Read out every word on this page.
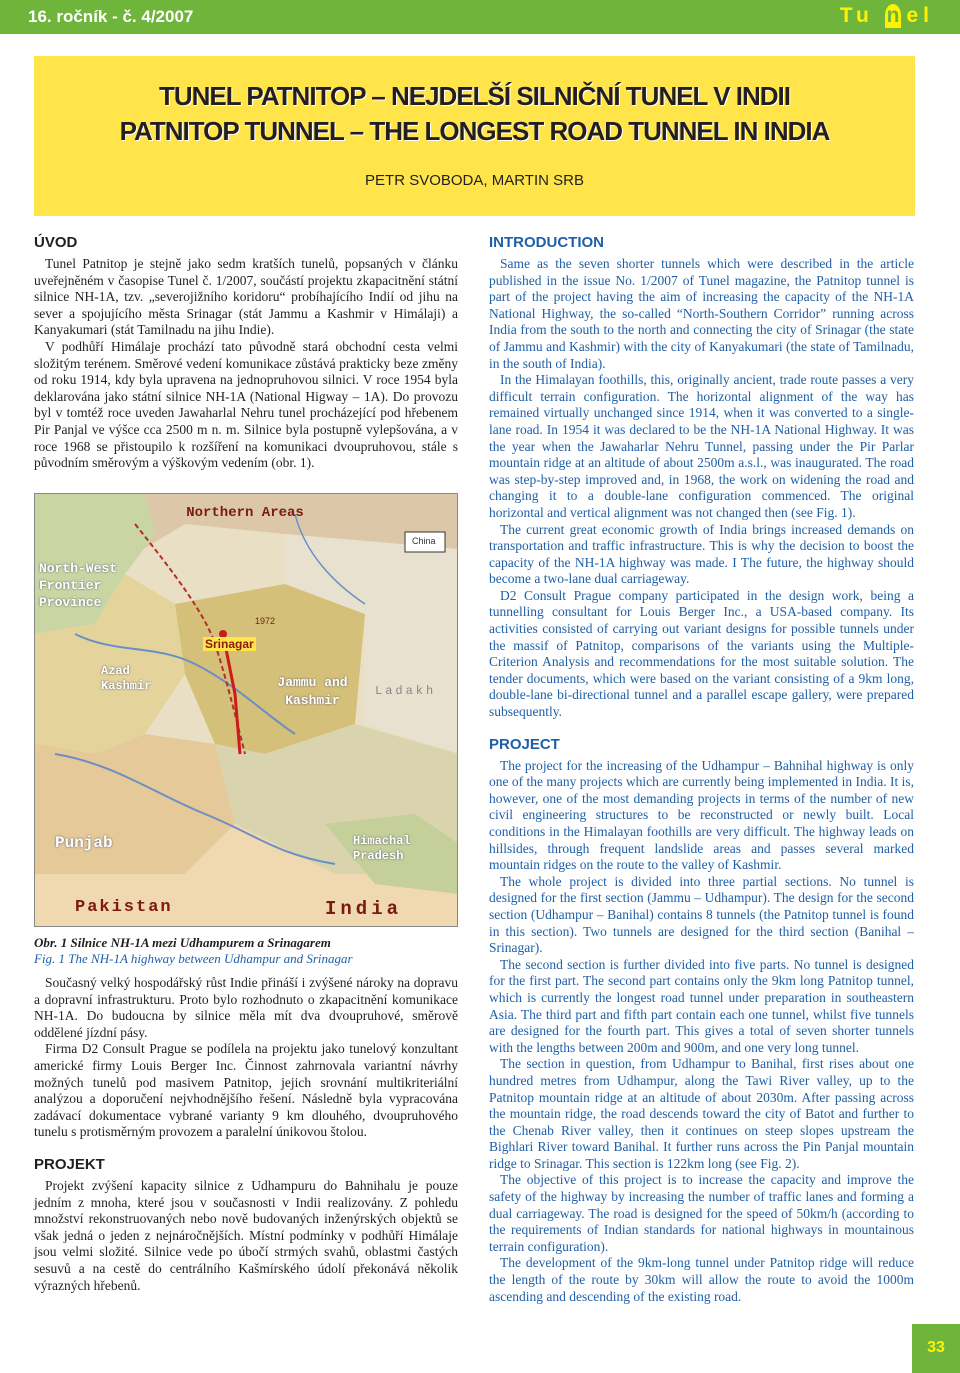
16. ročník - č. 4/2007	Tu n el
TUNEL PATNITOP – NEJDELŠÍ SILNIČNÍ TUNEL V INDII
PATNITOP TUNNEL – THE LONGEST ROAD TUNNEL IN INDIA
PETR SVOBODA, MARTIN SRB
ÚVOD

Tunel Patnitop je stejně jako sedm kratších tunelů, popsaných v článku uveřejněném v časopise Tunel č. 1/2007, součástí projektu zkapacitnění státní silnice NH-1A, tzv. „severojižního koridoru“ probíhajícího Indií od jihu na sever a spojujícího města Srinagar (stát Jammu a Kashmir v Himálaji) a Kanyakumari (stát Tamilnadu na jihu Indie).

V podhůří Himálaje prochází tato původně stará obchodní cesta velmi složitým terénem. Směrové vedení komunikace zůstává prakticky beze změny od roku 1914, kdy byla upravena na jednopruhovou silnici. V roce 1954 byla deklarována jako státní silnice NH-1A (National Higway – 1A). Do provozu byl v tomtéž roce uveden Jawaharlal Nehru tunel procházející pod hřebenem Pir Panjal ve výšce cca 2500 m n. m. Silnice byla postupně vylepšována, a v roce 1968 se přistoupilo k rozšíření na komunikaci dvoupruhovou, stále s původním směrovým a výškovým vedením (obr. 1).

Northern Areas
North-West Frontier Province
China
Srinagar
1972
Azad Kashmir	Jammu and Kashmir
Ladakh
Punjab	Himachal Pradesh
Pakistan	India
Obr. 1 Silnice NH-1A mezi Udhampurem a Srinagarem
Fig. 1 The NH-1A highway between Udhampur and Srinagar

Současný velký hospodářský růst Indie přináší i zvýšené nároky na dopravu a dopravní infrastrukturu. Proto bylo rozhodnuto o zkapacitnění komunikace NH-1A. Do budoucna by silnice měla mít dva dvoupruhové, směrově oddělené jízdní pásy.

Firma D2 Consult Prague se podílela na projektu jako tunelový konzultant americké firmy Louis Berger Inc. Činnost zahrnovala variantní návrhy možných tunelů pod masivem Patnitop, jejich srovnání multikriteriální analýzou a doporučení nejvhodnějšího řešení. Následně byla vypracována zadávací dokumentace vybrané varianty 9 km dlouhého, dvoupruhového tunelu s protisměrným provozem a paralelní únikovou štolou.

PROJEKT

Projekt zvýšení kapacity silnice z Udhampuru do Bahnihalu je pouze jedním z mnoha, které jsou v současnosti v Indii realizovány. Z pohledu množství rekonstruovaných nebo nově budovaných inženýrských objektů se však jedná o jeden z nejnáročnějších. Místní podmínky v podhůří Himálaje jsou velmi složité. Silnice vede po úbočí strmých svahů, oblastmi častých sesuvů a na cestě do centrálního Kašmírského údolí překonává několik výrazných hřebenů.

INTRODUCTION

Same as the seven shorter tunnels which were described in the article published in the issue No. 1/2007 of Tunel magazine, the Patnitop tunnel is part of the project having the aim of increasing the capacity of the NH-1A National Highway, the so-called “North-Southern Corridor” running across India from the south to the north and connecting the city of Srinagar (the state of Jammu and Kashmir) with the city of Kanyakumari (the state of Tamilnadu, in the south of India).

In the Himalayan foothills, this, originally ancient, trade route passes a very difficult terrain configuration. The horizontal alignment of the way has remained virtually unchanged since 1914, when it was converted to a single-lane road. In 1954 it was declared to be the NH-1A National Highway. It was the year when the Jawaharlar Nehru Tunnel, passing under the Pir Parlar mountain ridge at an altitude of about 2500m a.s.l., was inaugurated. The road was step-by-step improved and, in 1968, the work on widening the road and changing it to a double-lane configuration commenced. The original horizontal and vertical alignment was not changed then (see Fig. 1).

The current great economic growth of India brings increased demands on transportation and traffic infrastructure. This is why the decision to boost the capacity of the NH-1A highway was made. I The future, the highway should become a two-lane dual carriageway.

D2 Consult Prague company participated in the design work, being a tunnelling consultant for Louis Berger Inc., a USA-based company. Its activities consisted of carrying out variant designs for possible tunnels under the massif of Patnitop, comparisons of the variants using the Multiple-Criterion Analysis and recommendations for the most suitable solution. The tender documents, which were based on the variant consisting of a 9km long, double-lane bi-directional tunnel and a parallel escape gallery, were prepared subsequently.

PROJECT

The project for the increasing of the Udhampur – Bahnihal highway is only one of the many projects which are currently being implemented in India. It is, however, one of the most demanding projects in terms of the number of new civil engineering structures to be reconstructed or newly built. Local conditions in the Himalayan foothills are very difficult. The highway leads on hillsides, through frequent landslide areas and passes several marked mountain ridges on the route to the valley of Kashmir.

The whole project is divided into three partial sections. No tunnel is designed for the first section (Jammu – Udhampur). The design for the second section (Udhampur – Banihal) contains 8 tunnels (the Patnitop tunnel is found in this section). Two tunnels are designed for the third section (Banihal – Srinagar).

The second section is further divided into five parts. No tunnel is designed for the first part. The second part contains only the 9km long Patnitop tunnel, which is currently the longest road tunnel under preparation in southeastern Asia. The third part and fifth part contain each one tunnel, whilst five tunnels are designed for the fourth part. This gives a total of seven shorter tunnels with the lengths between 200m and 900m, and one very long tunnel.

The section in question, from Udhampur to Banihal, first rises about one hundred metres from Udhampur, along the Tawi River valley, up to the Patnitop mountain ridge at an altitude of about 2030m. After passing across the mountain ridge, the road descends toward the city of Batot and further to the Chenab River valley, then it continues on steep slopes upstream the Bighlari River toward Banihal. It further runs across the Pin Panjal mountain ridge to Srinagar. This section is 122km long (see Fig. 2).

The objective of this project is to increase the capacity and improve the safety of the highway by increasing the number of traffic lanes and forming a dual carriageway. The road is designed for the speed of 50km/h (according to the requirements of Indian standards for national highways in mountainous terrain configuration).

The development of the 9km-long tunnel under Patnitop ridge will reduce the length of the route by 30km will allow the route to avoid the 1000m ascending and descending of the existing road.

33
